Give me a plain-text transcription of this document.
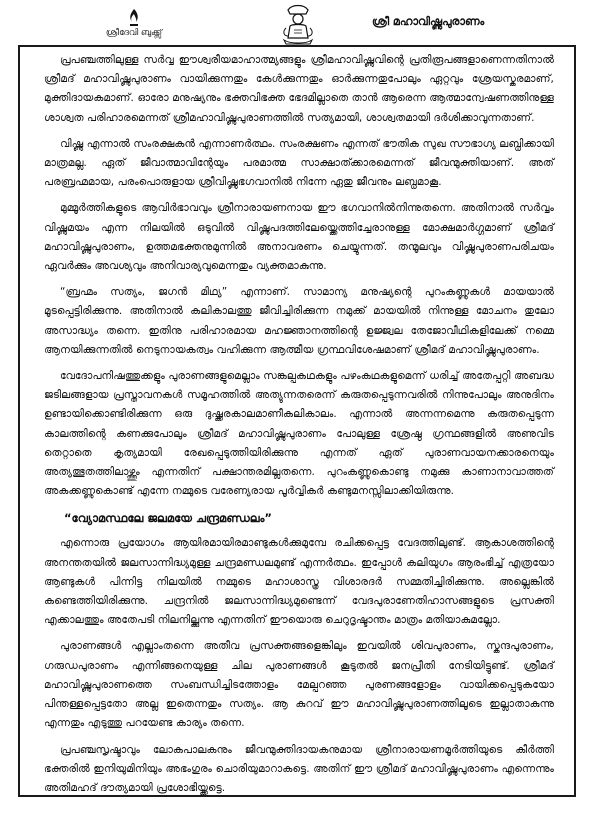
ശ്രീദേവി ബുക്ക്സ്
ശ്രീ മഹാവിഷ്ണുപുരാണം

പ്രപഞ്ചത്തിലുള്ള സർവ്വ ഈശ്വരീയമാഹാത്മ്യങ്ങളും ശ്രീമഹാവിഷ്ണുവിന്റെ പ്രതിരൂപങ്ങളാണെന്നതിനാൽ ശ്രീമദ് മഹാവിഷ്ണുപുരാണം വായിക്കുന്നതും കേൾക്കുന്നതും ഓർക്കുന്നതുപോലും ഏറ്റവും ശ്രേയസ്കരമാണ്, മുക്തിദായകമാണ്. ഓരോ മനുഷ്യനും ഭക്തവിഭക്ത ഭേദമില്ലാതെ താൻ ആരെന്ന ആത്മാന്വേഷണത്തിനുള്ള ശാശ്വത പരിഹാരമെന്നത് ശ്രീമഹാവിഷ്ണുപുരാണത്തിൽ സത്യമായി, ശാശ്വതമായി ദർശിക്കാവുന്നതാണ്.

വിഷ്ണു എന്നാൽ സംരക്ഷകൻ എന്നാണർത്ഥം. സംരക്ഷണം എന്നത് ഭൗതിക സുഖ സൗഭാഗ്യ ലബ്ധിക്കായി മാത്രമല്ല. ഏത് ജീവാത്മാവിന്റേയും പരമാത്മ സാക്ഷാത്ക്കാരമെന്നത് ജീവന്മുക്തിയാണ്. അത് പരബ്രഹ്മമായ, പരംപൊരുളായ ശ്രീവിഷ്ണുഭഗവാനിൽ നിന്നേ ഏതു ജീവനും ലബ്ധമാകൂ.

മുമ്മൂർത്തികളുടെ ആവിർഭാവവും ശ്രീനാരായണനായ ഈ ഭഗവാനിൽനിന്നുതന്നെ. അതിനാൽ സർവ്വം വിഷ്ണുമയം എന്ന നിലയിൽ ഒടുവിൽ വിഷ്ണുപദത്തിലേയ്ക്കെത്തിച്ചേരാനുള്ള മോക്ഷമാർഗ്ഗമാണ് ശ്രീമദ് മഹാവിഷ്ണുപുരാണം, ഉത്തമഭക്തനുമുന്നിൽ അനാവരണം ചെയ്യുന്നത്. തന്മൂലവും വിഷ്ണുപുരാണപരിചയം ഏവർക്കും അവശ്യവും അനിവാര്യവുമെന്നതും വ്യക്തമാകുന്നു.

“ബ്രഹ്മം സത്യം, ജഗൻ മിഥ്യ” എന്നാണ്. സാമാന്യ മനുഷ്യന്റെ പുറംകണ്ണുകൾ മായയാൽ മൂടപ്പെട്ടിരിക്കുന്നു. അതിനാൽ കലികാലത്തു ജീവിച്ചിരിക്കുന്ന നമുക്ക് മായയിൽ നിന്നുള്ള മോചനം തുലോ അസാദ്ധ്യം തന്നെ. ഇതിനു പരിഹാരമായ മഹജ്ഞാനത്തിന്റെ ഉജ്ജ്വല തേജോവീഥികളിലേക്ക് നമ്മെ ആനയിക്കുന്നതിൽ നെടുനായകത്വം വഹിക്കുന്ന ആത്മീയ ഗ്രന്ഥവിശേഷമാണ് ശ്രീമദ് മഹാവിഷ്ണുപുരാണം.

വേദോപനിഷത്തുക്കളും പുരാണങ്ങളുമെല്ലാം സങ്കല്പകഥകളും പഴംകഥകളുമെന്ന് ധരിച്ച് അതേപ്പറ്റി അബദ്ധ ജടിലങ്ങളായ പ്രസ്താവനകൾ സമൂഹത്തിൽ അത്യുന്നതരെന്ന് കരുതപ്പെടുന്നവരിൽ നിന്നുപോലും അനുദിനം ഉണ്ടായിക്കൊണ്ടിരിക്കുന്ന ഒരു ദുഷ്ക്കരകാലമാണീകലികാലം. എന്നാൽ അന്നന്നമെന്നു കരുതപ്പെടുന്ന കാലത്തിന്റെ കണക്കുപോലും ശ്രീമദ് മഹാവിഷ്ണുപുരാണം പോലുള്ള ശ്രേഷ്ഠ ഗ്രന്ഥങ്ങളിൽ അണുവിട തെറ്റാതെ കൃത്യമായി രേഖപ്പെടുത്തിയിരിക്കുന്നു എന്നത് ഏത് പുരാണവായനക്കാരനെയും അത്യത്ഭുതത്തിലാഴ്ത്തും എന്നതിന് പക്ഷാന്തരമില്ലതന്നെ. പുറംകണ്ണുകൊണ്ടു നമുക്കു കാണാനാവാത്തത് അകക്കണ്ണുകൊണ്ട് എന്നേ നമ്മുടെ വരേണ്യരായ പൂർവ്വികർ കണ്ടുമനസ്സിലാക്കിയിരുന്നു.

“വ്യോമസ്ഥലേ ജലമയേ ചന്ദ്രമണ്ഡലം”

എന്നൊരു പ്രയോഗം ആയിരമായിരമാണ്ടുകൾക്കുമുമ്പേ രചിക്കപ്പെട്ട വേദത്തിലുണ്ട്. ആകാശത്തിന്റെ അനന്തതയിൽ ജലസാന്നിദ്ധ്യമുള്ള ചന്ദ്രമണ്ഡലമുണ്ട് എന്നർത്ഥം. ഇപ്പോൾ കലിയുഗം ആരംഭിച്ച് എത്രയോ ആണ്ടുകൾ പിന്നിട്ട നിലയിൽ നമ്മുടെ മഹാശാസ്ത്ര വിശാരദർ സമ്മതിച്ചിരിക്കുന്നു. അല്ലെങ്കിൽ കണ്ടെത്തിയിരിക്കുന്നു. ചന്ദ്രനിൽ ജലസാന്നിദ്ധ്യമുണ്ടെന്ന് വേദപുരാണേതിഹാസങ്ങളുടെ പ്രസക്തി എക്കാലത്തും അതേപടി നിലനില്ക്കുന്നു എന്നതിന് ഈയൊരു ചെറുദൃഷ്ടാന്തം മാത്രം മതിയാകുമല്ലോ.

പുരാണങ്ങൾ എല്ലാംതന്നെ അതീവ പ്രസക്തങ്ങളെങ്കിലും ഇവയിൽ ശിവപുരാണം, സ്കന്ദപുരാണം, ഗരുഡപുരാണം എന്നിങ്ങനെയുള്ള ചില പുരാണങ്ങൾ കൂടുതൽ ജനപ്രീതി നേടിയിട്ടുണ്ട്. ശ്രീമദ് മഹാവിഷ്ണുപുരാണത്തെ സംബന്ധിച്ചിടത്തോളം മേല്പറഞ്ഞ പുരണങ്ങളോളം വായിക്കപ്പെടുകയോ പിന്തള്ളപ്പെട്ടതോ അല്ല ഇതെന്നതും സത്യം. ആ കുറവ് ഈ മഹാവിഷ്ണുപുരാണത്തിലൂടെ ഇല്ലാതാകുന്നു എന്നതും എടുത്തു പറയേണ്ട കാര്യം തന്നെ.

പ്രപഞ്ചസൃഷ്ടാവും ലോകപാലകനും ജീവന്മുക്തിദായകനുമായ ശ്രീനാരായണമൂർത്തിയുടെ കീർത്തി ഭക്തരിൽ ഇനിയുമിനിയും അഭംഗുരം ചൊരിയുമാറാകട്ടെ. അതിന് ഈ ശ്രീമദ് മഹാവിഷ്ണുപുരാണം എന്നെന്നും അതിമഹദ് ദൗത്യമായി പ്രശോഭിയ്ക്കട്ടെ.
